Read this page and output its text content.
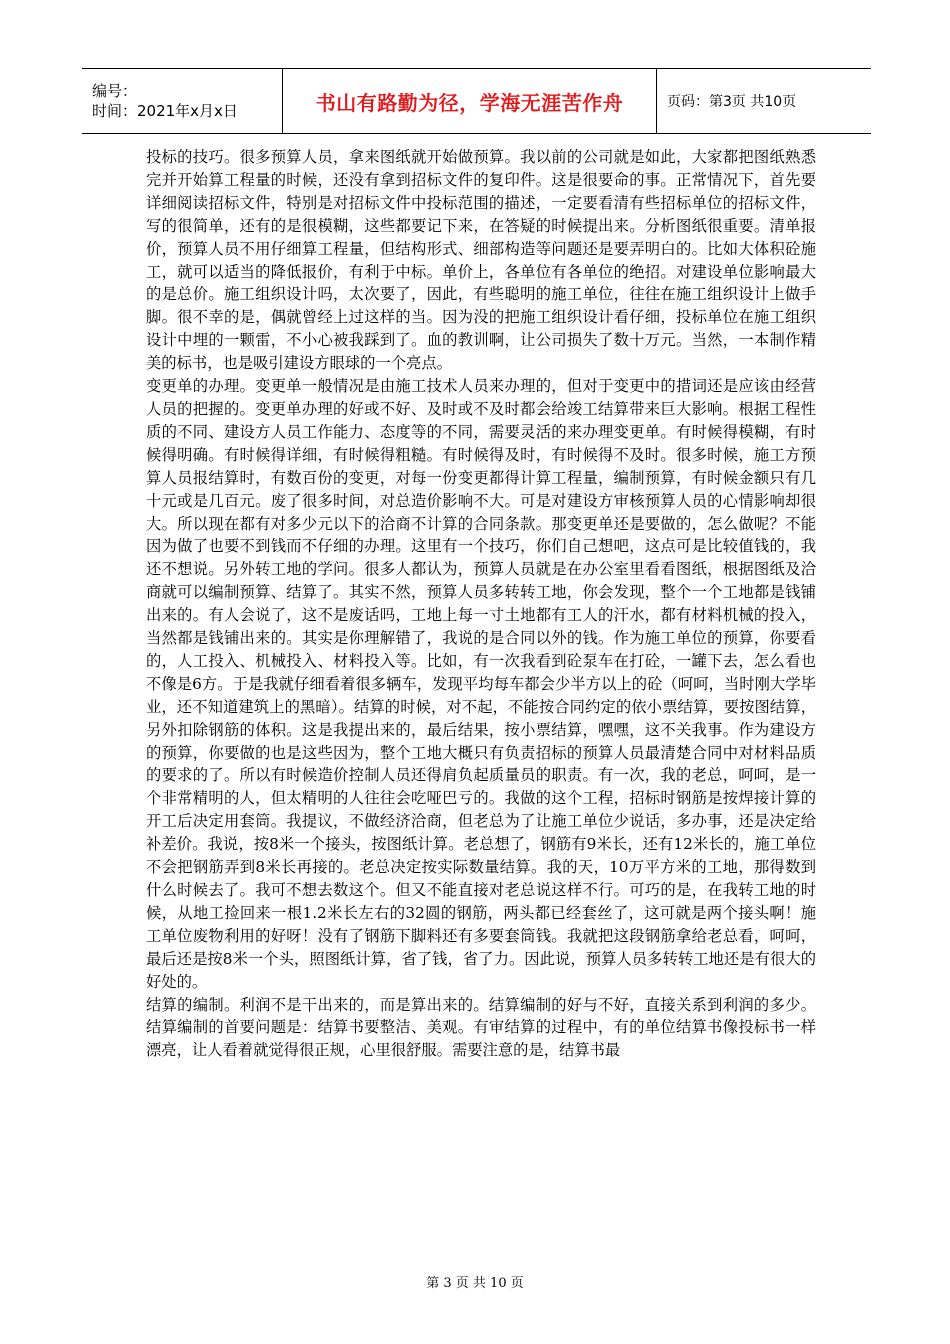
编号：
时间：2021年x月x日	书山有路勤为径，学海无涯苦作舟	页码：第3页 共10页

投标的技巧。很多预算人员，拿来图纸就开始做预算。我以前的公司就是如此，大家都把图纸熟悉完并开始算工程量的时候，还没有拿到招标文件的复印件。这是很要命的事。正常情况下，首先要详细阅读招标文件，特别是对招标文件中投标范围的描述，一定要看清有些招标单位的招标文件，写的很简单，还有的是很模糊，这些都要记下来，在答疑的时候提出来。分析图纸很重要。清单报价，预算人员不用仔细算工程量，但结构形式、细部构造等问题还是要弄明白的。比如大体积砼施工，就可以适当的降低报价，有利于中标。单价上，各单位有各单位的绝招。对建设单位影响最大的是总价。施工组织设计吗，太次要了，因此，有些聪明的施工单位，往往在施工组织设计上做手脚。很不幸的是，偶就曾经上过这样的当。因为没的把施工组织设计看仔细，投标单位在施工组织设计中埋的一颗雷，不小心被我踩到了。血的教训啊，让公司损失了数十万元。当然，一本制作精美的标书，也是吸引建设方眼球的一个亮点。

变更单的办理。变更单一般情况是由施工技术人员来办理的，但对于变更中的措词还是应该由经营人员的把握的。变更单办理的好或不好、及时或不及时都会给竣工结算带来巨大影响。根据工程性质的不同、建设方人员工作能力、态度等的不同，需要灵活的来办理变更单。有时候得模糊，有时候得明确。有时候得详细，有时候得粗糙。有时候得及时，有时候得不及时。很多时候，施工方预算人员报结算时，有数百份的变更，对每一份变更都得计算工程量，编制预算，有时候金额只有几十元或是几百元。废了很多时间，对总造价影响不大。可是对建设方审核预算人员的心情影响却很大。所以现在都有对多少元以下的洽商不计算的合同条款。那变更单还是要做的，怎么做呢？不能因为做了也要不到钱而不仔细的办理。这里有一个技巧，你们自己想吧，这点可是比较值钱的，我还不想说。另外转工地的学问。很多人都认为，预算人员就是在办公室里看看图纸，根据图纸及洽商就可以编制预算、结算了。其实不然，预算人员多转转工地，你会发现，整个一个工地都是钱铺出来的。有人会说了，这不是废话吗，工地上每一寸土地都有工人的汗水，都有材料机械的投入，当然都是钱铺出来的。其实是你理解错了，我说的是合同以外的钱。作为施工单位的预算，你要看的，人工投入、机械投入、材料投入等。比如，有一次我看到砼泵车在打砼，一罐下去，怎么看也不像是6方。于是我就仔细看着很多辆车，发现平均每车都会少半方以上的砼（呵呵，当时刚大学毕业，还不知道建筑上的黑暗）。结算的时候，对不起，不能按合同约定的依小票结算，要按图结算，另外扣除钢筋的体积。这是我提出来的，最后结果，按小票结算，嘿嘿，这不关我事。作为建设方的预算，你要做的也是这些因为，整个工地大概只有负责招标的预算人员最清楚合同中对材料品质的要求的了。所以有时候造价控制人员还得肩负起质量员的职责。有一次，我的老总，呵呵，是一个非常精明的人，但太精明的人往往会吃哑巴亏的。我做的这个工程，招标时钢筋是按焊接计算的开工后决定用套筒。我提议，不做经济洽商，但老总为了让施工单位少说话，多办事，还是决定给补差价。我说，按8米一个接头，按图纸计算。老总想了，钢筋有9米长，还有12米长的，施工单位不会把钢筋弄到8米长再接的。老总决定按实际数量结算。我的天，10万平方米的工地，那得数到什么时候去了。我可不想去数这个。但又不能直接对老总说这样不行。可巧的是，在我转工地的时候，从地工捡回来一根1.2米长左右的32圆的钢筋，两头都已经套丝了，这可就是两个接头啊！施工单位废物利用的好呀！没有了钢筋下脚料还有多要套筒钱。我就把这段钢筋拿给老总看，呵呵，最后还是按8米一个头，照图纸计算，省了钱，省了力。因此说，预算人员多转转工地还是有很大的好处的。

结算的编制。利润不是干出来的，而是算出来的。结算编制的好与不好，直接关系到利润的多少。结算编制的首要问题是：结算书要整洁、美观。有审结算的过程中，有的单位结算书像投标书一样漂亮，让人看着就觉得很正规，心里很舒服。需要注意的是，结算书最

第 3 页 共 10 页
